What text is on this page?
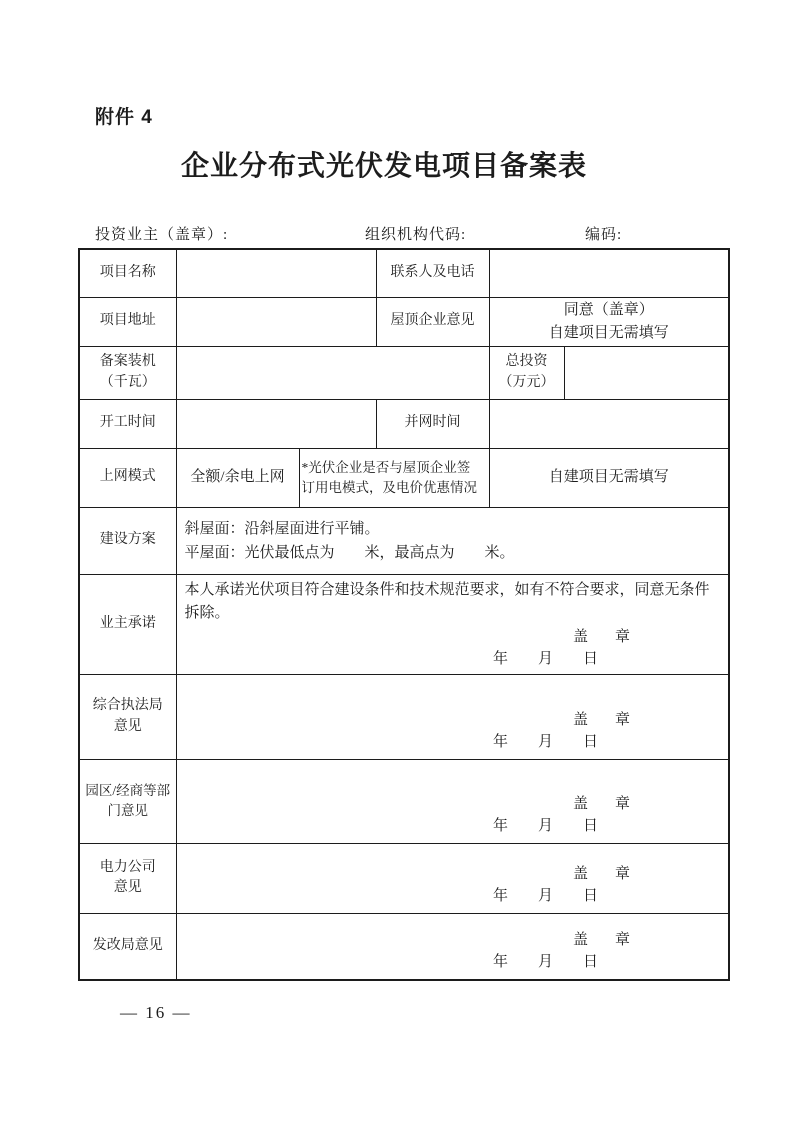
附件 4
企业分布式光伏发电项目备案表
投资业主（盖章）:	组织机构代码:	编码:
项目名称			联系人及电话		
项目地址			屋顶企业意见	同意（盖章）
自建项目无需填写	

备案装机
（千瓦）				总投资
（万元）	

开工时间			并网时间		
上网模式	全额/余电上网	*光伏企业是否与屋顶企业签
订用电模式，及电价优惠情况		自建项目无需填写	
建设方案	斜屋面：沿斜屋面进行平铺。
平屋面：光伏最低点为　　米，最高点为　　米。				

业主承诺	本人承诺光伏项目符合建设条件和技术规范要求，如有不符合要求，同意无条件拆除。
盖　章
年　　月　　日				

综合执法局
意见	盖　章
年　　月　　日

园区/经商等部
门意见	盖　章
年　　月　　日

电力公司
意见

盖　章
年　　月　　日

发改局意见	盖　章
年　　月　　日				
— 16 —
